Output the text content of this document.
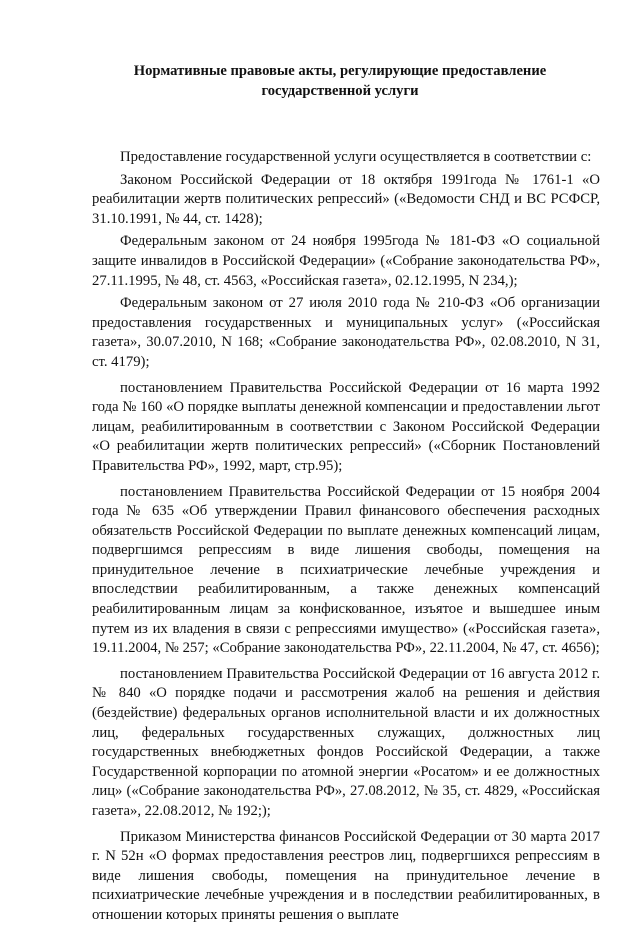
Нормативные правовые акты, регулирующие предоставление
государственной услуги

Предоставление государственной услуги осуществляется в соответствии с:

Законом Российской Федерации от 18 октября 1991года № 1761-1 «О реабилитации жертв политических репрессий» («Ведомости СНД и ВС РСФСР, 31.10.1991, № 44, ст. 1428);

Федеральным законом от 24 ноября 1995года № 181-ФЗ «О социальной защите инвалидов в Российской Федерации» («Собрание законодательства РФ», 27.11.1995, № 48, ст. 4563, «Российская газета», 02.12.1995, N 234,);

Федеральным законом от 27 июля 2010 года № 210-ФЗ «Об организации предоставления государственных и муниципальных услуг» («Российская газета», 30.07.2010, N 168; «Собрание законодательства РФ», 02.08.2010, N 31, ст. 4179);

постановлением Правительства Российской Федерации от 16 марта 1992 года № 160 «О порядке выплаты денежной компенсации и предоставлении льгот лицам, реабилитированным в соответствии с Законом Российской Федерации «О реабилитации жертв политических репрессий» («Сборник Постановлений Правительства РФ», 1992, март, стр.95);

постановлением Правительства Российской Федерации от 15 ноября 2004 года № 635 «Об утверждении Правил финансового обеспечения расходных обязательств Российской Федерации по выплате денежных компенсаций лицам, подвергшимся репрессиям в виде лишения свободы, помещения на принудительное лечение в психиатрические лечебные учреждения и впоследствии реабилитированным, а также денежных компенсаций реабилитированным лицам за конфискованное, изъятое и вышедшее иным путем из их владения в связи с репрессиями имущество» («Российская газета», 19.11.2004, № 257; «Собрание законодательства РФ», 22.11.2004, № 47, ст. 4656);

постановлением Правительства Российской Федерации от 16 августа 2012 г. № 840 «О порядке подачи и рассмотрения жалоб на решения и действия (бездействие) федеральных органов исполнительной власти и их должностных лиц, федеральных государственных служащих, должностных лиц государственных внебюджетных фондов Российской Федерации, а также Государственной корпорации по атомной энергии «Росатом» и ее должностных лиц» («Собрание законодательства РФ», 27.08.2012, № 35, ст. 4829, «Российская газета», 22.08.2012, № 192;);

Приказом Министерства финансов Российской Федерации от 30 марта 2017 г. N 52н «О формах предоставления реестров лиц, подвергшихся репрессиям в виде лишения свободы, помещения на принудительное лечение в психиатрические лечебные учреждения и в последствии реабилитированных, в отношении которых приняты решения о выплате
